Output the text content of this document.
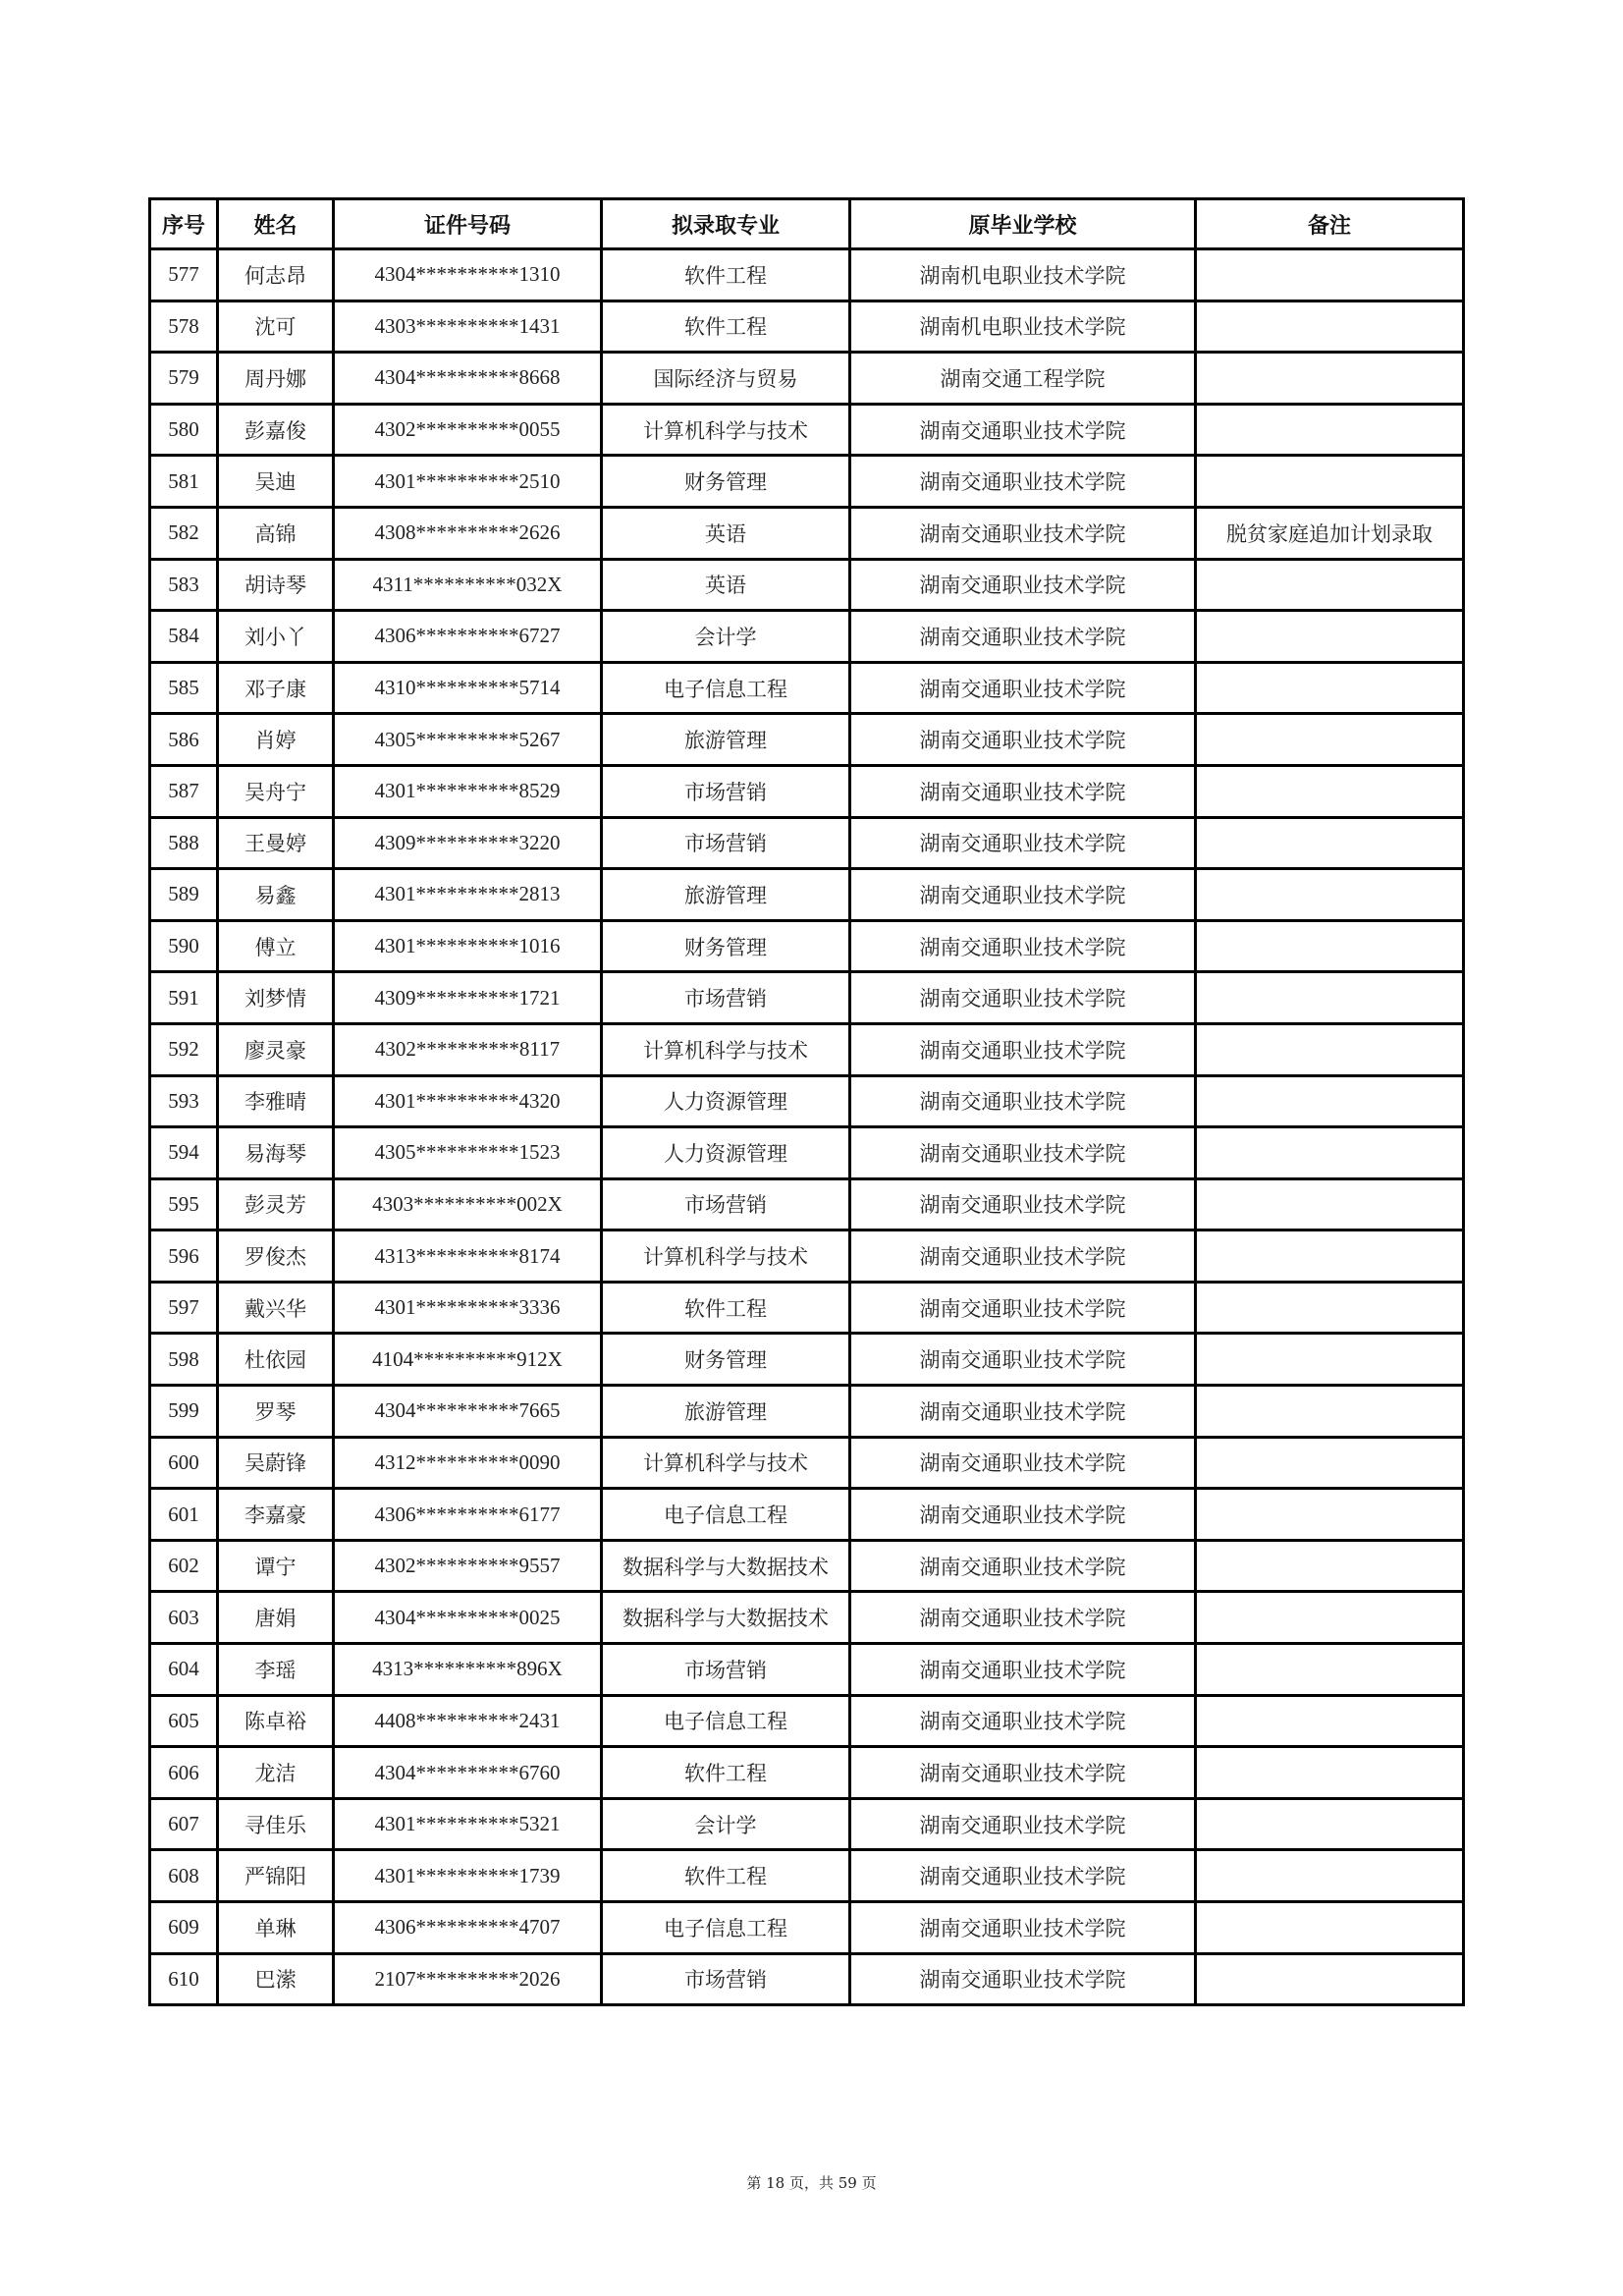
序号	姓名	证件号码	拟录取专业	原毕业学校	备注
577	何志昂	4304**********1310	软件工程	湖南机电职业技术学院	
578	沈可	4303**********1431	软件工程	湖南机电职业技术学院	
579	周丹娜	4304**********8668	国际经济与贸易	湖南交通工程学院	
580	彭嘉俊	4302**********0055	计算机科学与技术	湖南交通职业技术学院	
581	吴迪	4301**********2510	财务管理	湖南交通职业技术学院	
582	高锦	4308**********2626	英语	湖南交通职业技术学院	脱贫家庭追加计划录取
583	胡诗琴	4311**********032X	英语	湖南交通职业技术学院	
584	刘小丫	4306**********6727	会计学	湖南交通职业技术学院	
585	邓子康	4310**********5714	电子信息工程	湖南交通职业技术学院	
586	肖婷	4305**********5267	旅游管理	湖南交通职业技术学院	
587	吴舟宁	4301**********8529	市场营销	湖南交通职业技术学院	
588	王曼婷	4309**********3220	市场营销	湖南交通职业技术学院	
589	易鑫	4301**********2813	旅游管理	湖南交通职业技术学院	
590	傅立	4301**********1016	财务管理	湖南交通职业技术学院	
591	刘梦情	4309**********1721	市场营销	湖南交通职业技术学院	
592	廖灵豪	4302**********8117	计算机科学与技术	湖南交通职业技术学院	
593	李雅晴	4301**********4320	人力资源管理	湖南交通职业技术学院	
594	易海琴	4305**********1523	人力资源管理	湖南交通职业技术学院	
595	彭灵芳	4303**********002X	市场营销	湖南交通职业技术学院	
596	罗俊杰	4313**********8174	计算机科学与技术	湖南交通职业技术学院	
597	戴兴华	4301**********3336	软件工程	湖南交通职业技术学院	
598	杜依园	4104**********912X	财务管理	湖南交通职业技术学院	
599	罗琴	4304**********7665	旅游管理	湖南交通职业技术学院	
600	吴蔚锋	4312**********0090	计算机科学与技术	湖南交通职业技术学院	
601	李嘉豪	4306**********6177	电子信息工程	湖南交通职业技术学院	
602	谭宁	4302**********9557	数据科学与大数据技术	湖南交通职业技术学院	
603	唐娟	4304**********0025	数据科学与大数据技术	湖南交通职业技术学院	
604	李瑶	4313**********896X	市场营销	湖南交通职业技术学院	
605	陈卓裕	4408**********2431	电子信息工程	湖南交通职业技术学院	
606	龙洁	4304**********6760	软件工程	湖南交通职业技术学院	
607	寻佳乐	4301**********5321	会计学	湖南交通职业技术学院	
608	严锦阳	4301**********1739	软件工程	湖南交通职业技术学院	
609	单琳	4306**********4707	电子信息工程	湖南交通职业技术学院	
610	巴潆	2107**********2026	市场营销	湖南交通职业技术学院	
第 18 页，共 59 页
